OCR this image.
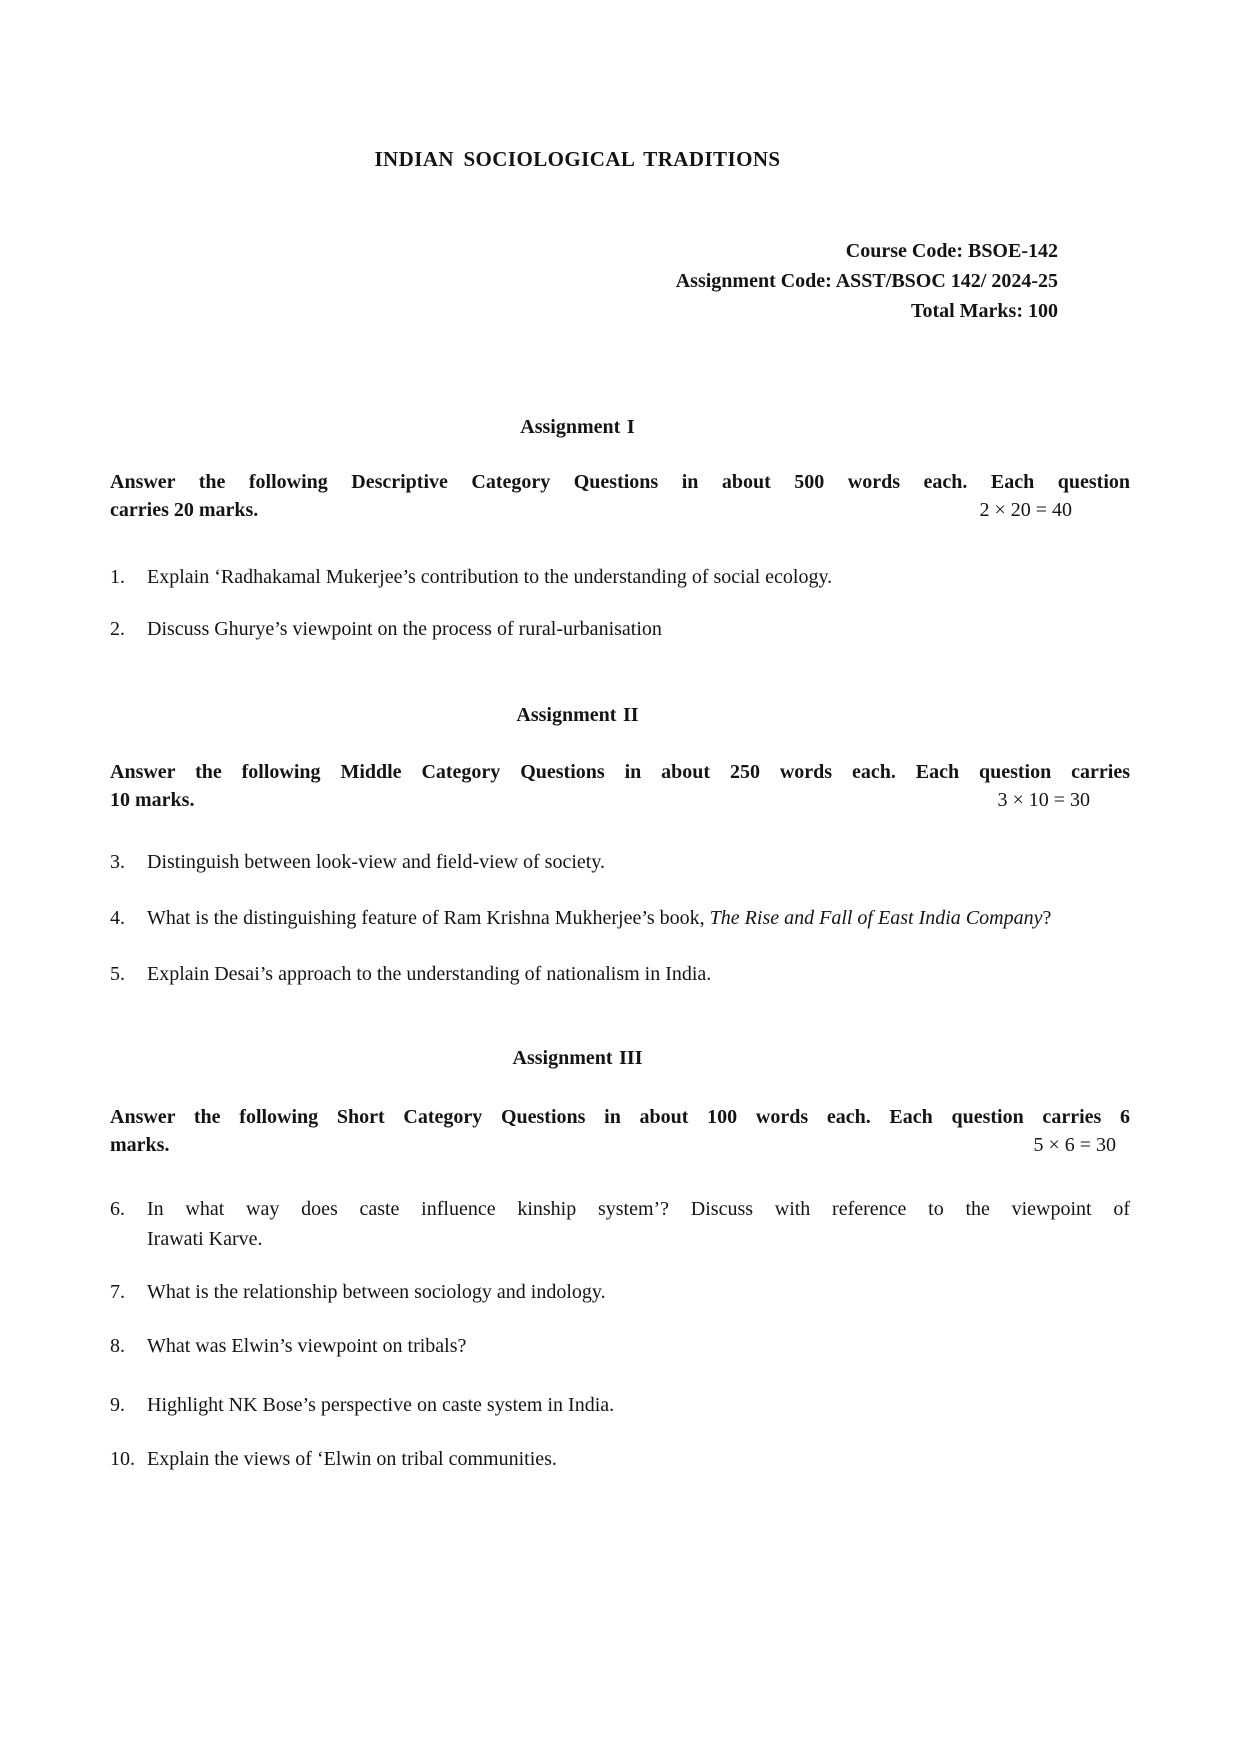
INDIAN SOCIOLOGICAL TRADITIONS
Course Code: BSOE-142
Assignment Code: ASST/BSOC 142/ 2024-25
Total Marks: 100
Assignment I
Answer the following Descriptive Category Questions in about 500 words each. Each question
carries 20 marks.	2 × 20 = 40
1.	Explain ‘Radhakamal Mukerjee’s contribution to the understanding of social ecology.
2.	Discuss Ghurye’s viewpoint on the process of rural-urbanisation
Assignment II
Answer the following Middle Category Questions in about 250 words each. Each question carries
10 marks.	3 × 10 = 30
3.	Distinguish between look-view and field-view of society.
4.	What is the distinguishing feature of Ram Krishna Mukherjee’s book, The Rise and Fall of East India Company?
5.	Explain Desai’s approach to the understanding of nationalism in India.
Assignment III
Answer the following Short Category Questions in about 100 words each. Each question carries 6
marks.	5 × 6 = 30
6.	In what way does caste influence kinship system’? Discuss with reference to the viewpoint of
Irawati Karve.
7.	What is the relationship between sociology and indology.
8.	What was Elwin’s viewpoint on tribals?
9.	Highlight NK Bose’s perspective on caste system in India.
10. Explain the views of ‘Elwin on tribal communities.
